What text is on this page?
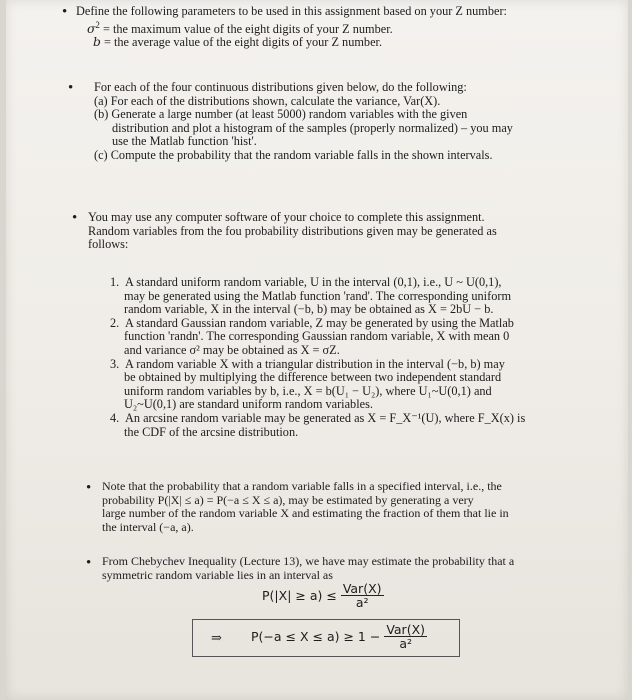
• Define the following parameters to be used in this assignment based on your Z number:
$\sigma^2$ = the maximum value of the eight digits of your Z number.
b = the average value of the eight digits of your Z number.
• For each of the four continuous distributions given below, do the following:
(a) For each of the distributions shown, calculate the variance, Var(X).
(b) Generate a large number (at least 5000) random variables with the given
distribution and plot a histogram of the samples (properly normalized) – you may
use the Matlab function 'hist'.
(c) Compute the probability that the random variable falls in the shown intervals.
• You may use any computer software of your choice to complete this assignment.
Random variables from the fou probability distributions given may be generated as
follows:
1. A standard uniform random variable, U in the interval (0,1), i.e., U ~ U(0,1),
may be generated using the Matlab function 'rand'. The corresponding uniform
random variable, X in the interval (−b, b) may be obtained as X = 2bU − b.
2. A standard Gaussian random variable, Z may be generated by using the Matlab
function 'randn'. The corresponding Gaussian random variable, X with mean 0
and variance σ² may be obtained as X = σZ.
3. A random variable X with a triangular distribution in the interval (−b, b) may
be obtained by multiplying the difference between two independent standard
uniform random variables by b, i.e., X = b(U₁ − U₂), where U₁~U(0,1) and
U₂~U(0,1) are standard uniform random variables.
4. An arcsine random variable may be generated as X = F_X⁻¹(U), where F_X(x) is
the CDF of the arcsine distribution.
• Note that the probability that a random variable falls in a specified interval, i.e., the
probability P(|X| ≤ a) = P(−a ≤ X ≤ a), may be estimated by generating a very
large number of the random variable X and estimating the fraction of them that lie in
the interval (−a, a).
• From Chebychev Inequality (Lecture 13), we have may estimate the probability that a
symmetric random variable lies in an interval as
$P(|X| \ge a) \le \frac{\text{Var(X)}}{\text{a²}}$
⇒ $P(-a \le X \le a) \ge 1 - \frac{\text{Var(X)}}{\text{a²}}$
